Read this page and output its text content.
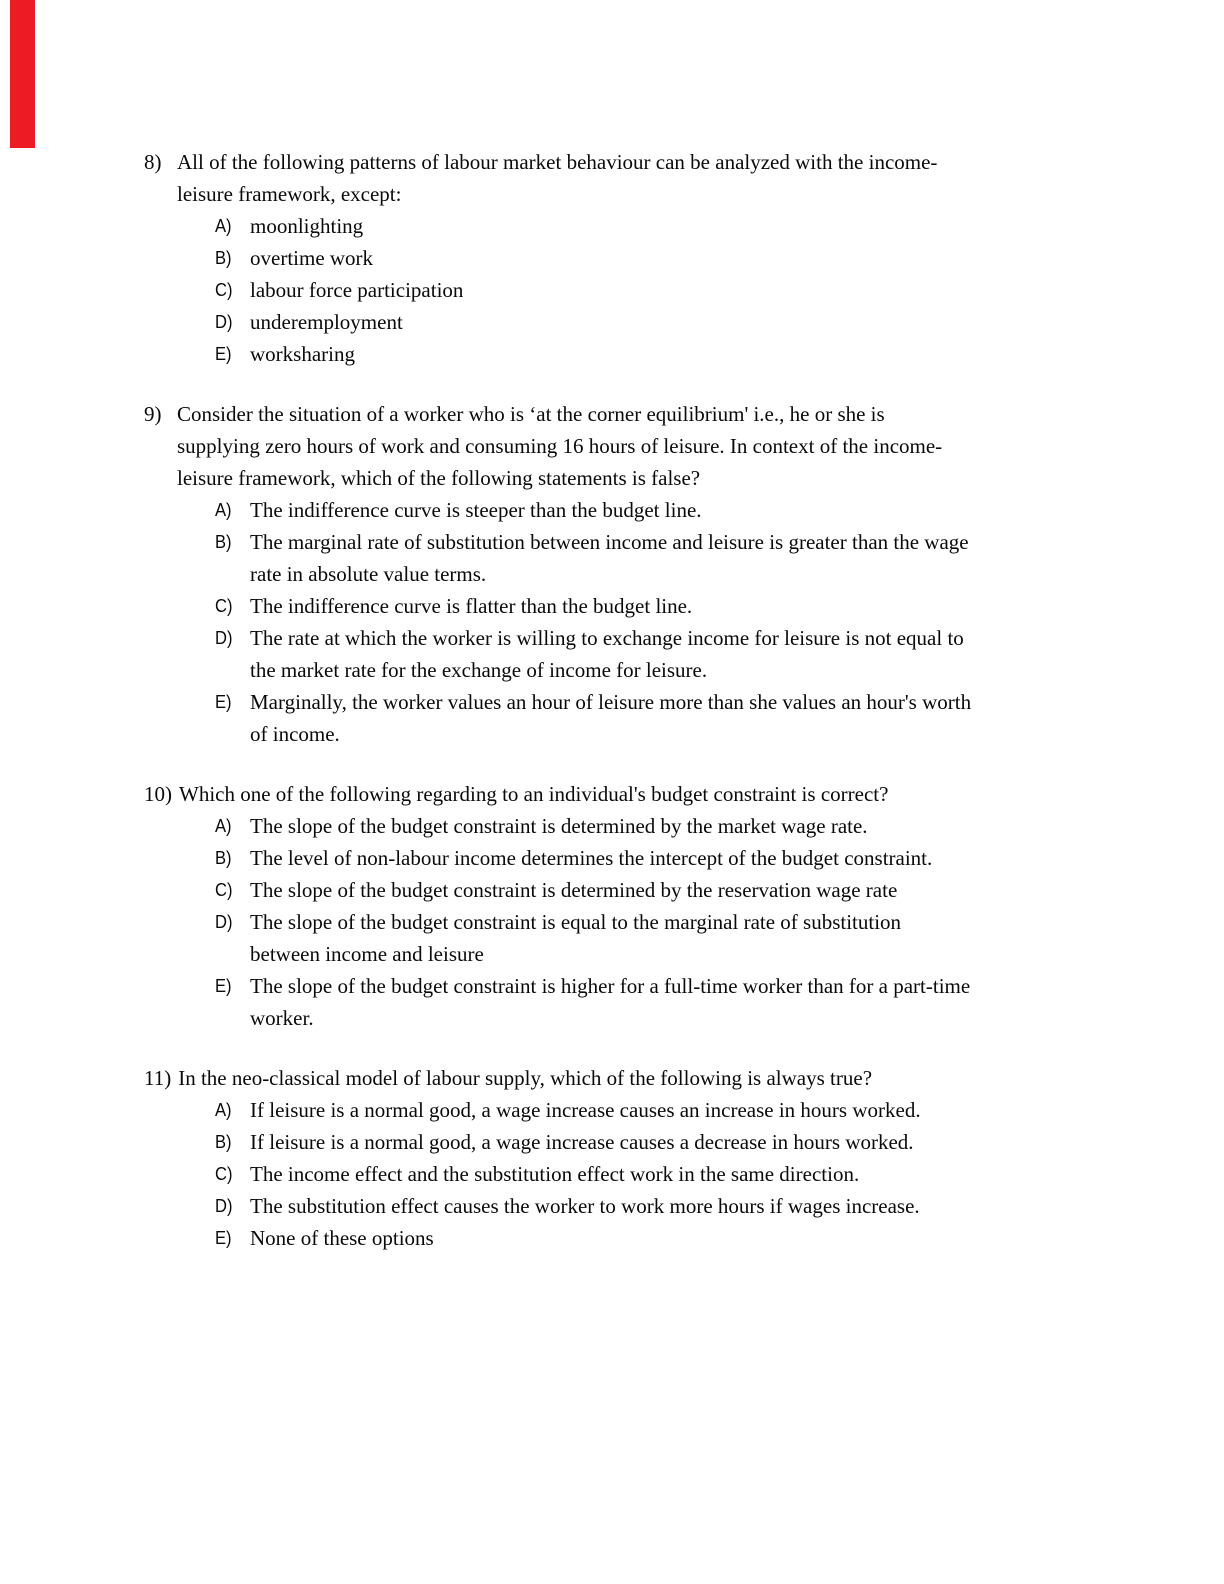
8) All of the following patterns of labour market behaviour can be analyzed with the income-
leisure framework, except:
A) moonlighting
B) overtime work
C) labour force participation
D) underemployment
E) worksharing
9) Consider the situation of a worker who is ‘at the corner equilibrium' i.e., he or she is
supplying zero hours of work and consuming 16 hours of leisure. In context of the income-
leisure framework, which of the following statements is false?
A) The indifference curve is steeper than the budget line.
B) The marginal rate of substitution between income and leisure is greater than the wage
rate in absolute value terms.
C) The indifference curve is flatter than the budget line.
D) The rate at which the worker is willing to exchange income for leisure is not equal to
the market rate for the exchange of income for leisure.
E) Marginally, the worker values an hour of leisure more than she values an hour's worth
of income.
10) Which one of the following regarding to an individual's budget constraint is correct?
A) The slope of the budget constraint is determined by the market wage rate.
B) The level of non-labour income determines the intercept of the budget constraint.
C) The slope of the budget constraint is determined by the reservation wage rate
D) The slope of the budget constraint is equal to the marginal rate of substitution
between income and leisure
E) The slope of the budget constraint is higher for a full-time worker than for a part-time
worker.
11) In the neo-classical model of labour supply, which of the following is always true?
A) If leisure is a normal good, a wage increase causes an increase in hours worked.
B) If leisure is a normal good, a wage increase causes a decrease in hours worked.
C) The income effect and the substitution effect work in the same direction.
D) The substitution effect causes the worker to work more hours if wages increase.
E) None of these options
